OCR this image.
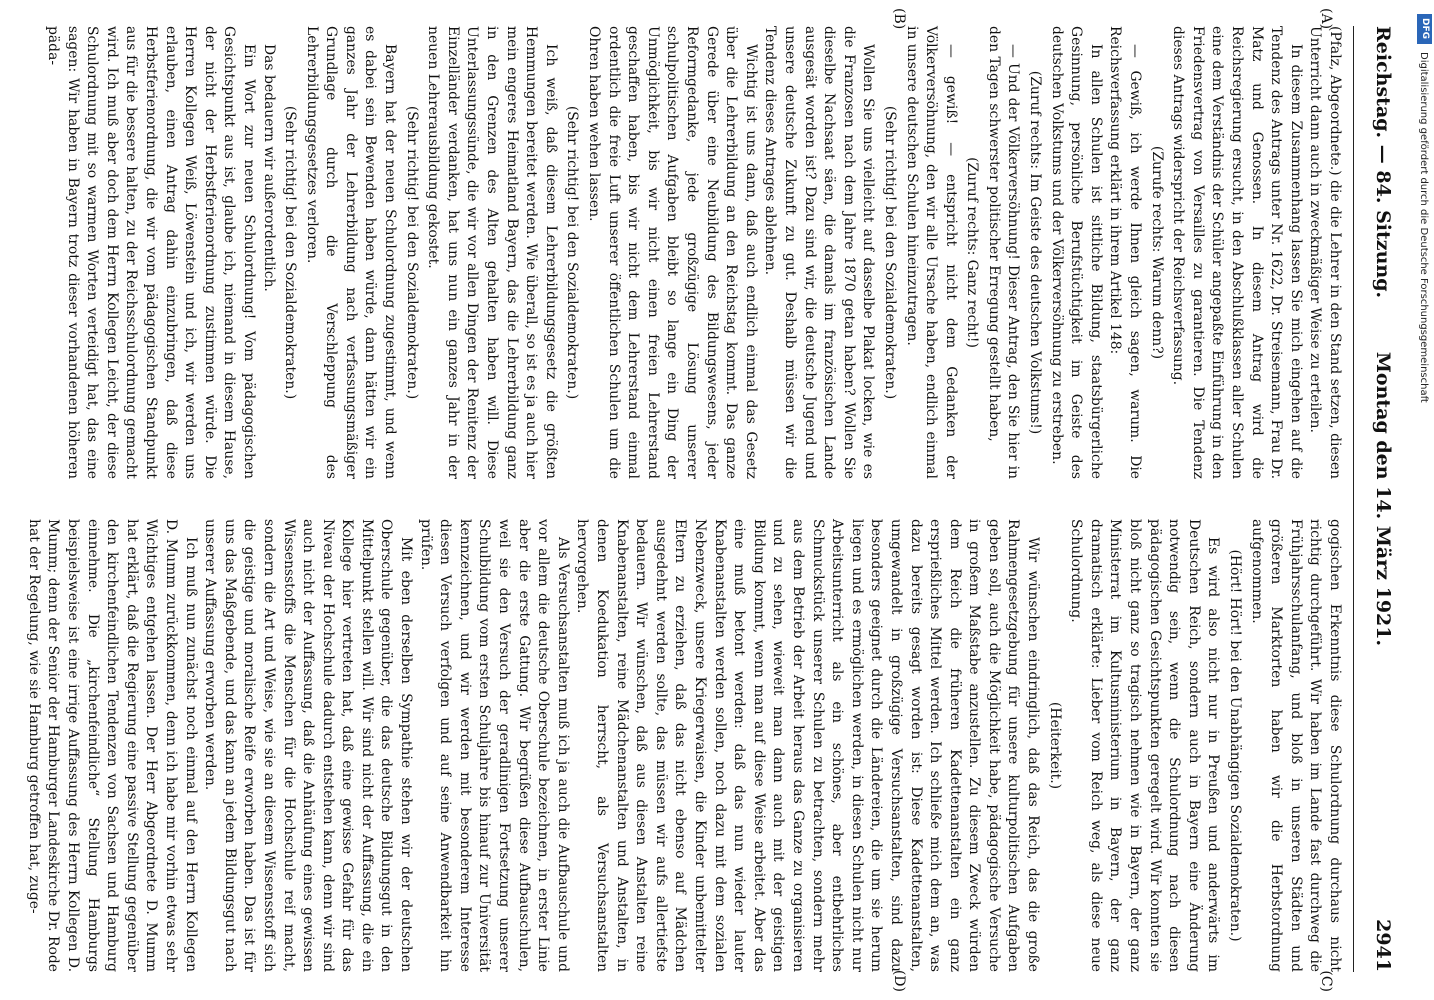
Reichstag. — 84. Sitzung.
Montag den 14. März 1921.
2941

(Pfalz, Abgeordnete.) die die Lehrer in den Stand setzen, diesen Unterricht dann auch in zweckmäßiger Weise zu erteilen.

In diesem Zusammenhang lassen Sie mich eingehen auf die Tendenz des Antrags unter Nr. 1622, Dr. Streisemann, Frau Dr. Matz und Genossen. In diesem Antrag wird die Reichsregierung ersucht, in den Abschlußklassen aller Schulen eine dem Verständnis der Schüler angepaßte Einführung in den Friedensvertrag von Versailles zu garantieren. Die Tendenz dieses Antrags widerspricht der Reichsverfassung.

(Zurufe rechts: Warum denn?)

— Gewiß, ich werde Ihnen gleich sagen, warum. Die Reichsverfassung erklärt in ihrem Artikel 148:

In allen Schulen ist sittliche Bildung, staatsbürgerliche Gesinnung, persönliche Berufstüchtigkeit im Geiste des deutschen Volkstums und der Völkerversöhnung zu erstreben.

(Zuruf rechts: Im Geiste des deutschen Volkstums!)

— Und der Völkerversöhnung! Dieser Antrag, den Sie hier in den Tagen schwerster politischer Erregung gestellt haben,

(Zuruf rechts: Ganz recht!)

— gewiß! — entspricht nicht dem Gedanken der Völkerversöhnung, den wir alle Ursache haben, endlich einmal in unsere deutschen Schulen hineinzutragen.

(Sehr richtig! bei den Sozialdemokraten.)

Wollen Sie uns vielleicht auf dasselbe Plakat locken, wie es die Franzosen nach dem Jahre 1870 getan haben? Wollen Sie dieselbe Nachsaat säen, die damals im französischen Lande ausgesät worden ist? Dazu sind wir, die deutsche Jugend und unsere deutsche Zukunft zu gut. Deshalb müssen wir die Tendenz dieses Antrages ablehnen.

Wichtig ist uns dann, daß auch endlich einmal das Gesetz über die Lehrerbildung an den Reichstag kommt. Das ganze Gerede über eine Neubildung des Bildungswesens, jeder Reformgedanke, jede großzügige Lösung unserer schulpolitischen Aufgaben bleibt so lange ein Ding der Unmöglichkeit, bis wir nicht einen freien Lehrerstand geschaffen haben, bis wir nicht dem Lehrerstand einmal ordentlich die freie Luft unserer öffentlichen Schulen um die Ohren haben wehen lassen.

(Sehr richtig! bei den Sozialdemokraten.)

Ich weiß, daß diesem Lehrerbildungsgesetz die größten Hemmungen bereitet werden. Wie überall, so ist es ja auch hier mein engeres Heimatland Bayern, das die Lehrerbildung ganz in den Grenzen des Alten gehalten haben will. Diese Unterlassungssünde, die wir vor allen Dingen der Renitenz der Einzelländer verdanken, hat uns nun ein ganzes Jahr in der neuen Lehrerausbildung gekostet.

(Sehr richtig! bei den Sozialdemokraten.)

Bayern hat der neuen Schulordnung zugestimmt, und wenn es dabei sein Bewenden haben würde, dann hätten wir ein ganzes Jahr der Lehrerbildung nach verfassungsmäßiger Grundlage durch die Verschleppung des Lehrerbildungsgesetzes verloren.

(Sehr richtig! bei den Sozialdemokraten.)

Das bedauern wir außerordentlich.

Ein Wort zur neuen Schulordnung! Vom pädagogischen Gesichtspunkt aus ist, glaube ich, niemand in diesem Hause, der nicht der Herbstferienordnung zustimmen würde. Die Herren Kollegen Weiß, Löwenstein und ich, wir werden uns erlauben, einen Antrag dahin einzubringen, daß diese Herbstferienordnung, die wir vom pädagogischen Standpunkt aus für die bessere halten, zu der Reichsschulordnung gemacht wird. Ich muß aber doch dem Herrn Kollegen Leicht, der diese Schulordnung mit so warmen Worten verteidigt hat, das eine sagen: Wir haben in Bayern trotz dieser vorhandenen höheren päda-

gogischen Erkenntnis diese Schulordnung durchaus nicht richtig durchgeführt. Wir haben im Lande fast durchweg die Frühjahrsschulanfang, und bloß in unseren Städten und größeren Marktorten haben wir die Herbstordnung aufgenommen.

(Hört! Hört! bei den Unabhängigen Sozialdemokraten.)

Es wird also nicht nur in Preußen und anderwärts im Deutschen Reich, sondern auch in Bayern eine Änderung notwendig sein, wenn die Schulordnung nach diesen pädagogischen Gesichtspunkten geregelt wird. Wir konnten sie bloß nicht ganz so tragisch nehmen wie in Bayern, der ganz Ministerrat im Kultusministerium in Bayern, der ganz dramatisch erklärte: Lieber vom Reich weg, als diese neue Schulordnung.

(Heiterkeit.)

Wir wünschen eindringlich, daß das Reich, das die große Rahmengesetzgebung für unsere kulturpolitischen Aufgaben geben soll, auch die Möglichkeit habe, pädagogische Versuche in großem Maßstabe anzustellen. Zu diesem Zweck würden dem Reich die früheren Kadettenanstalten ein ganz ersprießliches Mittel werden. Ich schließe mich dem an, was dazu bereits gesagt worden ist: Diese Kadettenanstalten, umgewandelt in großzügige Versuchsanstalten, sind dazu besonders geeignet durch die Ländereien, die um sie herum liegen und es ermöglichen werden, in diesen Schulen nicht nur Arbeitsunterricht als ein schönes, aber entbehrliches Schmuckstück unserer Schulen zu betrachten, sondern mehr aus dem Betrieb der Arbeit heraus das Ganze zu organisieren und zu sehen, wieweit man dann auch mit der geistigen Bildung kommt, wenn man auf diese Weise arbeitet. Aber das eine muß betont werden: daß das nun wieder lauter Knabenanstalten werden sollen, noch dazu mit dem sozialen Nebenzweck, unsere Kriegerwaisen, die Kinder unbemittelter Eltern zu erziehen, daß das nicht ebenso auf Mädchen ausgedehnt werden sollte, das müssen wir aufs allertiefste bedauern. Wir wünschen, daß aus diesen Anstalten reine Knabenanstalten, reine Mädchenanstalten und Anstalten, in denen Koedukation herrscht, als Versuchsanstalten hervorgehen.

Als Versuchsanstalten muß ich ja auch die Aufbauschule und vor allem die deutsche Oberschule bezeichnen, in erster Linie aber die erste Gattung. Wir begrüßen diese Aufbauschulen, weil sie den Versuch der geradlinigen Fortsetzung unserer Schulbildung vom ersten Schuljahre bis hinauf zur Universität kennzeichnen, und wir werden mit besonderem Interesse diesen Versuch verfolgen und auf seine Anwendbarkeit hin prüfen.

Mit eben derselben Sympathie stehen wir der deutschen Oberschule gegenüber, die das deutsche Bildungsgut in den Mittelpunkt stellen will. Wir sind nicht der Auffassung, die ein Kollege hier vertreten hat, daß eine gewisse Gefahr für das Niveau der Hochschule dadurch entstehen kann, denn wir sind auch nicht der Auffassung, daß die Anhäufung eines gewissen Wissensstoffs die Menschen für die Hochschule reif macht, sondern die Art und Weise, wie sie an diesem Wissensstoff sich die geistige und moralische Reife erworben haben. Das ist für uns das Maßgebende, und das kann an jedem Bildungsgut nach unserer Auffassung erworben werden.

Ich muß nun zunächst noch einmal auf den Herrn Kollegen D. Mumm zurückkommen, denn ich habe mir vorhin etwas sehr Wichtiges entgehen lassen. Der Herr Abgeordnete D. Mumm hat erklärt, daß die Regierung eine passive Stellung gegenüber den kirchenfeindlichen Tendenzen von Sachsen und Hamburg einnehme. Die „kirchenfeindliche“ Stellung Hamburgs beispielsweise ist eine irrige Auffassung des Herrn Kollegen D. Mumm; denn der Senior der Hamburger Landeskirche Dr. Rode hat der Regelung, wie sie Hamburg getroffen hat, zuge-

(A)
(B)
(C)
(D)
DFG
Digitalisierung gefördert durch die Deutsche Forschungsgemeinschaft
